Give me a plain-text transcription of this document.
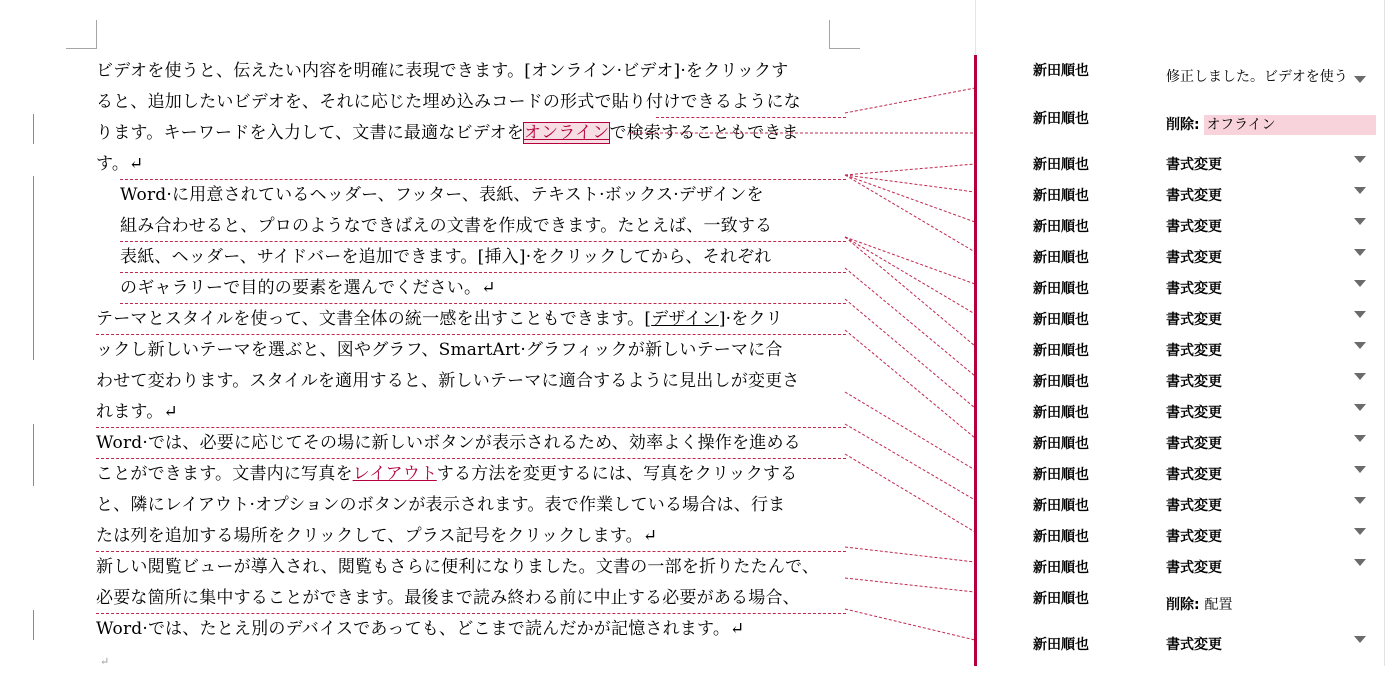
ビデオを使うと、伝えたい内容を明確に表現できます。[オンライン·ビデオ]·をクリックす
ると、追加したいビデオを、それに応じた埋め込みコードの形式で貼り付けできるようにな
ります。キーワードを入力して、文書に最適なビデオをオンラインで検索することもできま
す。↵
Word·に用意されているヘッダー、フッター、表紙、テキスト·ボックス·デザインを
組み合わせると、プロのようなできばえの文書を作成できます。たとえば、一致する
表紙、ヘッダー、サイドバーを追加できます。[挿入]·をクリックしてから、それぞれ
のギャラリーで目的の要素を選んでください。↵
テーマとスタイルを使って、文書全体の統一感を出すこともできます。[デザイン]·をクリ
ックし新しいテーマを選ぶと、図やグラフ、SmartArt·グラフィックが新しいテーマに合
わせて変わります。スタイルを適用すると、新しいテーマに適合するように見出しが変更さ
れます。↵
Word·では、必要に応じてその場に新しいボタンが表示されるため、効率よく操作を進める
ことができます。文書内に写真をレイアウトする方法を変更するには、写真をクリックする
と、隣にレイアウト·オプションのボタンが表示されます。表で作業している場合は、行ま
たは列を追加する場所をクリックして、プラス記号をクリックします。↵
新しい閲覧ビューが導入され、閲覧もさらに便利になりました。文書の一部を折りたたんで、
必要な箇所に集中することができます。最後まで読み終わる前に中止する必要がある場合、
Word·では、たとえ別のデバイスであっても、どこまで読んだかが記憶されます。↵
↵
新田順也	修正しました。ビデオを使う
新田順也	削除: オフライン
新田順也	書式変更
新田順也	書式変更
新田順也	書式変更
新田順也	書式変更
新田順也	書式変更
新田順也	書式変更
新田順也	書式変更
新田順也	書式変更
新田順也	書式変更
新田順也	書式変更
新田順也	書式変更
新田順也	書式変更
新田順也	書式変更
新田順也	書式変更
新田順也	削除: 配置
新田順也	書式変更
